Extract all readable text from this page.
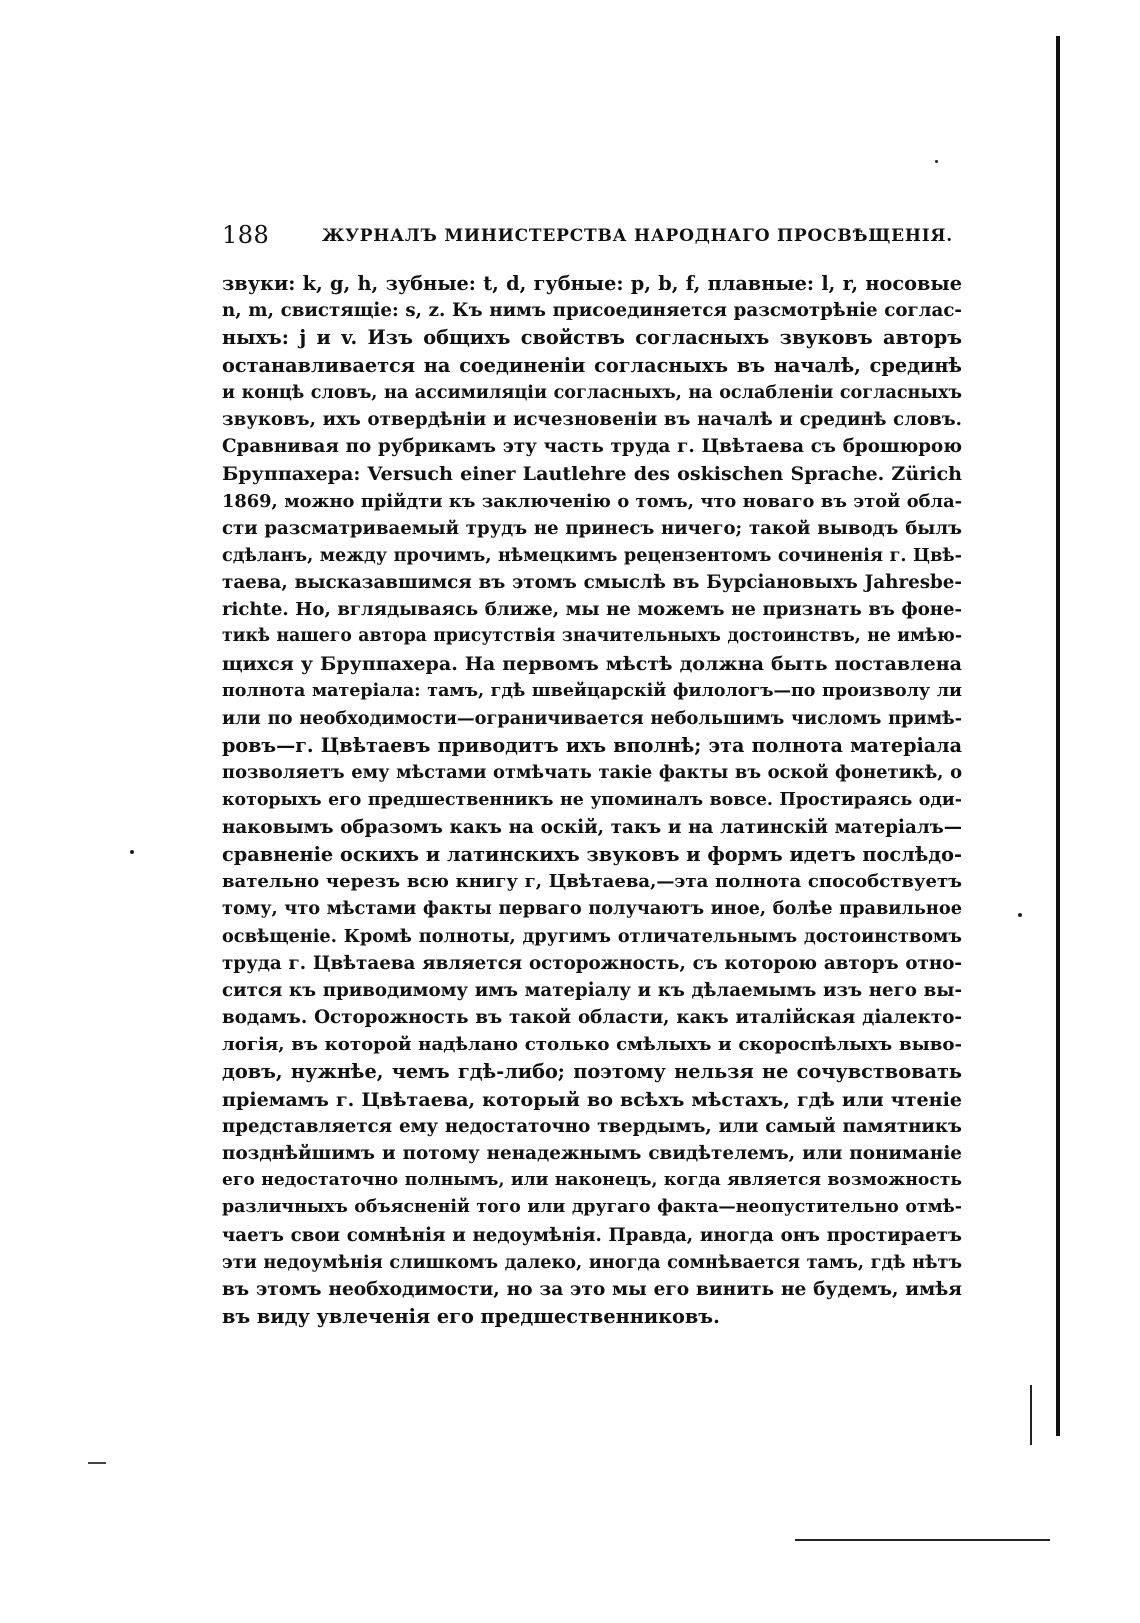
188	ЖУРНАЛЪ МИНИСТЕРСТВА НАРОДНАГО ПРОСВѢЩЕНІЯ.
звуки: k, g, h, зубные: t, d, губные: p, b, f, плавные: l, r, носовые
n, m, свистящіе: s, z. Къ нимъ присоединяется разсмотрѣніе соглас-
ныхъ: j и v. Изъ общихъ свойствъ согласныхъ звуковъ авторъ
останавливается на соединеніи согласныхъ въ началѣ, срединѣ
и концѣ словъ, на ассимиляціи согласныхъ, на ослабленіи согласныхъ
звуковъ, ихъ отвердѣніи и исчезновеніи въ началѣ и срединѣ словъ.
Сравнивая по рубрикамъ эту часть труда г. Цвѣтаева съ брошюрою
Бруппахера: Versuch einer Lautlehre des oskischen Sprache. Zürich
1869, можно прійдти къ заключенію о томъ, что новаго въ этой обла-
сти разсматриваемый трудъ не принесъ ничего; такой выводъ былъ
сдѣланъ, между прочимъ, нѣмецкимъ рецензентомъ сочиненія г. Цвѣ-
таева, высказавшимся въ этомъ смыслѣ въ Бурсіановыхъ Jahresbe-
richte. Но, вглядываясь ближе, мы не можемъ не признать въ фоне-
тикѣ нашего автора присутствія значительныхъ достоинствъ, не имѣю-
щихся у Бруппахера. На первомъ мѣстѣ должна быть поставлена
полнота матеріала: тамъ, гдѣ швейцарскій филологъ—по произволу ли
или по необходимости—ограничивается небольшимъ числомъ примѣ-
ровъ—г. Цвѣтаевъ приводитъ ихъ вполнѣ; эта полнота матеріала
позволяетъ ему мѣстами отмѣчать такіе факты въ оской фонетикѣ, о
которыхъ его предшественникъ не упоминалъ вовсе. Простираясь оди-
наковымъ образомъ какъ на оскій, такъ и на латинскій матеріалъ—
сравненіе оскихъ и латинскихъ звуковъ и формъ идетъ послѣдо-
вательно черезъ всю книгу г, Цвѣтаева,—эта полнота способствуетъ
тому, что мѣстами факты перваго получаютъ иное, болѣе правильное
освѣщеніе. Кромѣ полноты, другимъ отличательнымъ достоинствомъ
труда г. Цвѣтаева является осторожность, съ которою авторъ отно-
сится къ приводимому имъ матеріалу и къ дѣлаемымъ изъ него вы-
водамъ. Осторожность въ такой области, какъ италійская діалекто-
логія, въ которой надѣлано столько смѣлыхъ и скороспѣлыхъ выво-
довъ, нужнѣе, чемъ гдѣ-либо; поэтому нельзя не сочувствовать
пріемамъ г. Цвѣтаева, который во всѣхъ мѣстахъ, гдѣ или чтеніе
представляется ему недостаточно твердымъ, или самый памятникъ
позднѣйшимъ и потому ненадежнымъ свидѣтелемъ, или пониманіе
его недостаточно полнымъ, или наконецъ, когда является возможность
различныхъ объясненій того или другаго факта—неопустительно отмѣ-
чаетъ свои сомнѣнія и недоумѣнія. Правда, иногда онъ простираетъ
эти недоумѣнія слишкомъ далеко, иногда сомнѣвается тамъ, гдѣ нѣтъ
въ этомъ необходимости, но за это мы его винить не будемъ, имѣя
въ виду увлеченія его предшественниковъ.
